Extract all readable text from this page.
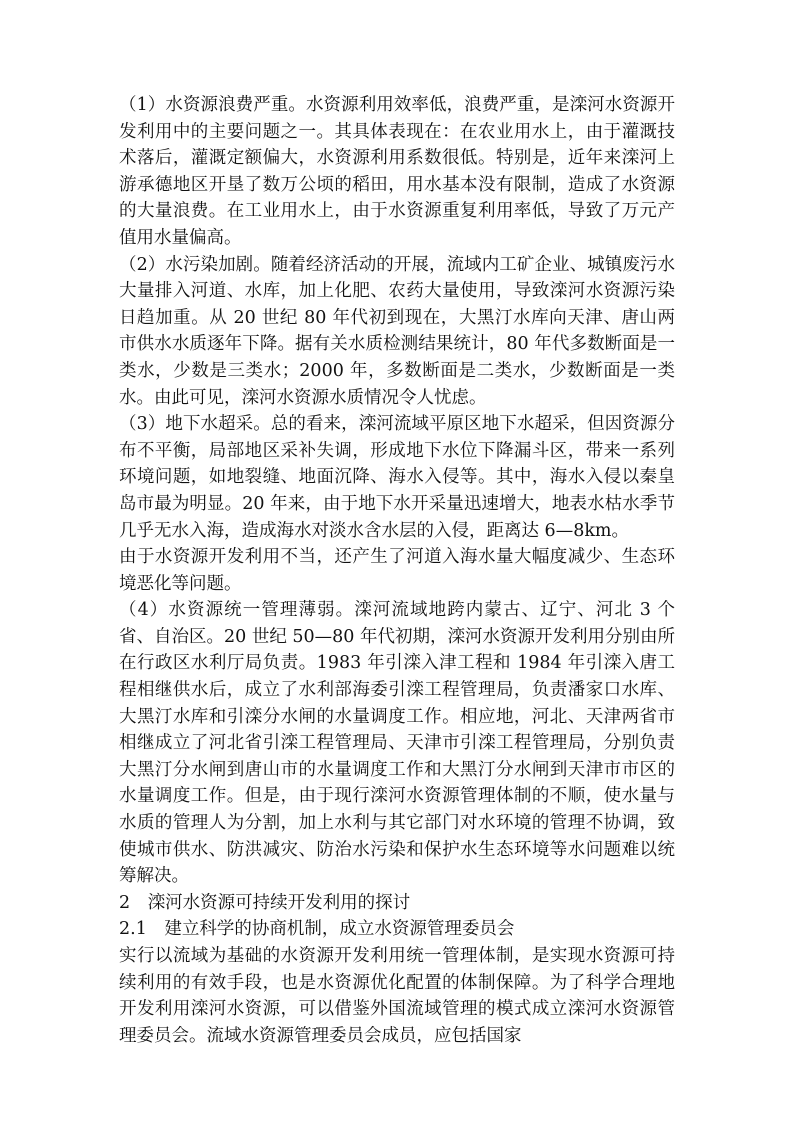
（1）水资源浪费严重。水资源利用效率低，浪费严重，是滦河水资源开发利用中的主要问题之一。其具体表现在：在农业用水上，由于灌溉技术落后，灌溉定额偏大，水资源利用系数很低。特别是，近年来滦河上游承德地区开垦了数万公顷的稻田，用水基本没有限制，造成了水资源的大量浪费。在工业用水上，由于水资源重复利用率低，导致了万元产值用水量偏高。

（2）水污染加剧。随着经济活动的开展，流域内工矿企业、城镇废污水大量排入河道、水库，加上化肥、农药大量使用，导致滦河水资源污染日趋加重。从 20 世纪 80 年代初到现在，大黑汀水库向天津、唐山两市供水水质逐年下降。据有关水质检测结果统计，80 年代多数断面是一类水，少数是三类水；2000 年，多数断面是二类水，少数断面是一类水。由此可见，滦河水资源水质情况令人忧虑。

（3）地下水超采。总的看来，滦河流域平原区地下水超采，但因资源分布不平衡，局部地区采补失调，形成地下水位下降漏斗区，带来一系列环境问题，如地裂缝、地面沉降、海水入侵等。其中，海水入侵以秦皇岛市最为明显。20 年来，由于地下水开采量迅速增大，地表水枯水季节几乎无水入海，造成海水对淡水含水层的入侵，距离达 6—8km。

由于水资源开发利用不当，还产生了河道入海水量大幅度减少、生态环境恶化等问题。

（4）水资源统一管理薄弱。滦河流域地跨内蒙古、辽宁、河北 3 个省、自治区。20 世纪 50—80 年代初期，滦河水资源开发利用分别由所在行政区水利厅局负责。1983 年引滦入津工程和 1984 年引滦入唐工程相继供水后，成立了水利部海委引滦工程管理局，负责潘家口水库、大黑汀水库和引滦分水闸的水量调度工作。相应地，河北、天津两省市相继成立了河北省引滦工程管理局、天津市引滦工程管理局，分别负责大黑汀分水闸到唐山市的水量调度工作和大黑汀分水闸到天津市市区的水量调度工作。但是，由于现行滦河水资源管理体制的不顺，使水量与水质的管理人为分割，加上水利与其它部门对水环境的管理不协调，致使城市供水、防洪减灾、防治水污染和保护水生态环境等水问题难以统筹解决。

2　滦河水资源可持续开发利用的探讨

2.1　建立科学的协商机制，成立水资源管理委员会

实行以流域为基础的水资源开发利用统一管理体制，是实现水资源可持续利用的有效手段，也是水资源优化配置的体制保障。为了科学合理地开发利用滦河水资源，可以借鉴外国流域管理的模式成立滦河水资源管理委员会。流域水资源管理委员会成员，应包括国家
